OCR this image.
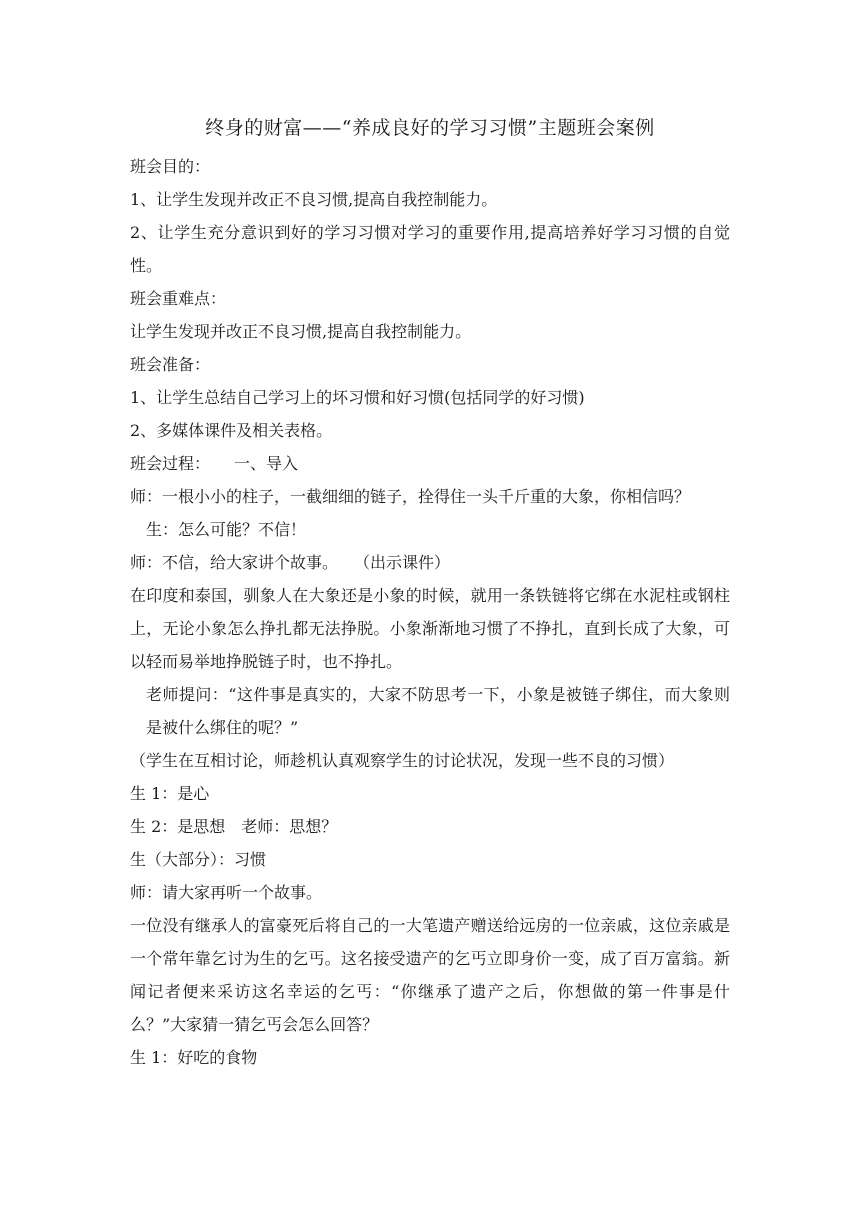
终身的财富——“养成良好的学习习惯”主题班会案例

班会目的：

1、让学生发现并改正不良习惯,提高自我控制能力。

2、让学生充分意识到好的学习习惯对学习的重要作用,提高培养好学习习惯的自觉性。

班会重难点：

让学生发现并改正不良习惯,提高自我控制能力。

班会准备：

1、让学生总结自己学习上的坏习惯和好习惯(包括同学的好习惯)

2、多媒体课件及相关表格。

班会过程：　　一、导入

师：一根小小的柱子，一截细细的链子，拴得住一头千斤重的大象，你相信吗？

生：怎么可能？不信！

师：不信，给大家讲个故事。　　（出示课件）

在印度和泰国，驯象人在大象还是小象的时候，就用一条铁链将它绑在水泥柱或钢柱上，无论小象怎么挣扎都无法挣脱。小象渐渐地习惯了不挣扎，直到长成了大象，可以轻而易举地挣脱链子时，也不挣扎。

老师提问：“这件事是真实的，大家不防思考一下，小象是被链子绑住，而大象则是被什么绑住的呢？”

（学生在互相讨论，师趁机认真观察学生的讨论状况，发现一些不良的习惯）

生 1：是心

生 2：是思想　老师：思想？

生（大部分）：习惯

师：请大家再听一个故事。

一位没有继承人的富豪死后将自己的一大笔遗产赠送给远房的一位亲戚，这位亲戚是一个常年靠乞讨为生的乞丐。这名接受遗产的乞丐立即身价一变，成了百万富翁。新闻记者便来采访这名幸运的乞丐：“你继承了遗产之后，你想做的第一件事是什么？”大家猜一猜乞丐会怎么回答？

生 1：好吃的食物
